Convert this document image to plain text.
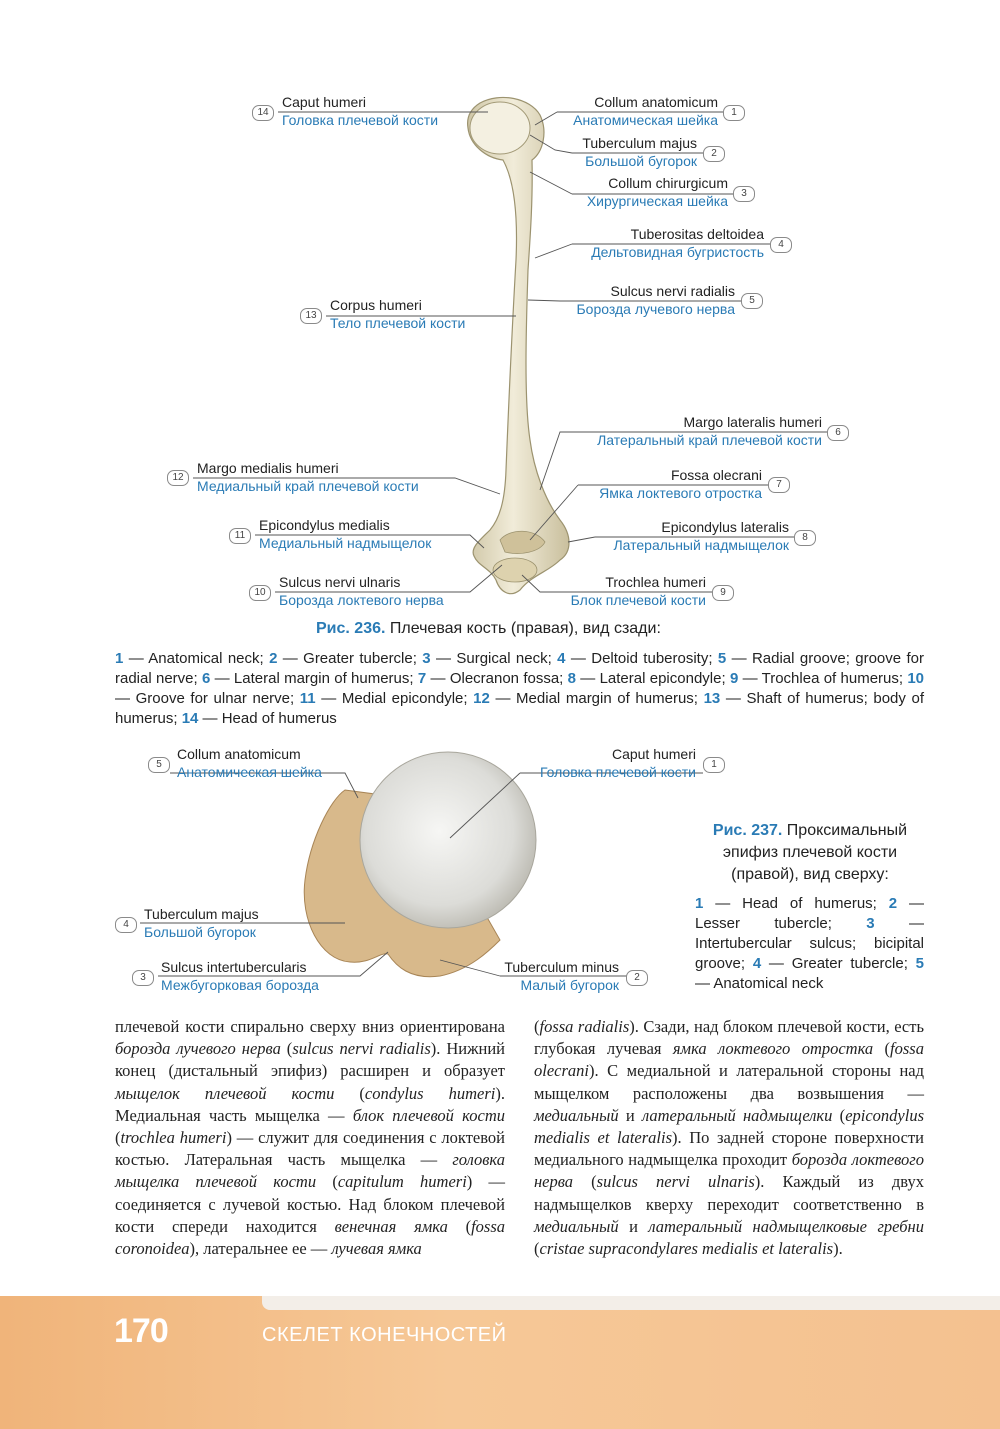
14
Caput humeri
Головка плечевой кости	1
Collum anatomicum
Анатомическая шейка
2
Tuberculum majus
Большой бугорок
3
Collum chirurgicum
Хирургическая шейка
4
Tuberositas deltoidea
Дельтовидная бугристость
5
Sulcus nervi radialis
Борозда лучевого нерва
13
Corpus humeri
Тело плечевой кости
6
Margo lateralis humeri
Латеральный край плечевой кости
12
Margo medialis humeri
Медиальный край плечевой кости	7
Fossa olecrani
Ямка локтевого отростка
11
Epicondylus medialis
Медиальный надмыщелок	8
Epicondylus lateralis
Латеральный надмыщелок
10
Sulcus nervi ulnaris
Борозда локтевого нерва	9
Trochlea humeri
Блок плечевой кости
Рис. 236. Плечевая кость (правая), вид сзади:
1 — Anatomical neck; 2 — Greater tubercle; 3 — Surgical neck; 4 — Deltoid tuberosity; 5 — Radial groove; groove for radial nerve; 6 — Lateral margin of humerus; 7 — Olecranon fossa; 8 — Lateral epicondyle; 9 — Trochlea of humerus; 10 — Groove for ulnar nerve; 11 — Medial epicondyle; 12 — Medial margin of humerus; 13 — Shaft of humerus; body of humerus; 14 — Head of humerus
5
Collum anatomicum
Анатомическая шейка	1
Caput humeri
Головка плечевой кости
4
Tuberculum majus
Большой бугорок
3
Sulcus intertubercularis
Межбугорковая борозда	2
Tuberculum minus
Малый бугорок
Рис. 237. Проксимальный
эпифиз плечевой кости
(правой), вид сверху:
1 — Head of humerus; 2 — Lesser tubercle; 3 — Intertubercular sulcus; bicipital groove; 4 — Greater tubercle; 5 — Anatomical neck

плечевой кости спирально сверху вниз ориентирована борозда лучевого нерва (sulcus nervi radialis). Нижний конец (дистальный эпифиз) расширен и образует мыщелок плечевой кости (condylus humeri). Медиальная часть мыщелка — блок плечевой кости (trochlea humeri) — служит для соединения с локтевой костью. Латеральная часть мыщелка — головка мыщелка плечевой кости (capitulum humeri) — соединяется с лучевой костью. Над блоком плечевой кости спереди находится венечная ямка (fossa coronoidea), латеральнее ее — лучевая ямка

(fossa radialis). Сзади, над блоком плечевой кости, есть глубокая лучевая ямка локтевого отростка (fossa olecrani). С медиальной и латеральной стороны над мыщелком расположены два возвышения — медиальный и латеральный надмыщелки (epicondylus medialis et lateralis). По задней стороне поверхности медиального надмыщелка проходит борозда локтевого нерва (sulcus nervi ulnaris). Каждый из двух надмыщелков кверху переходит соответственно в медиальный и латеральный надмыщелковые гребни (cristae supracondylares medialis et lateralis).

170	СКЕЛЕТ КОНЕЧНОСТЕЙ
